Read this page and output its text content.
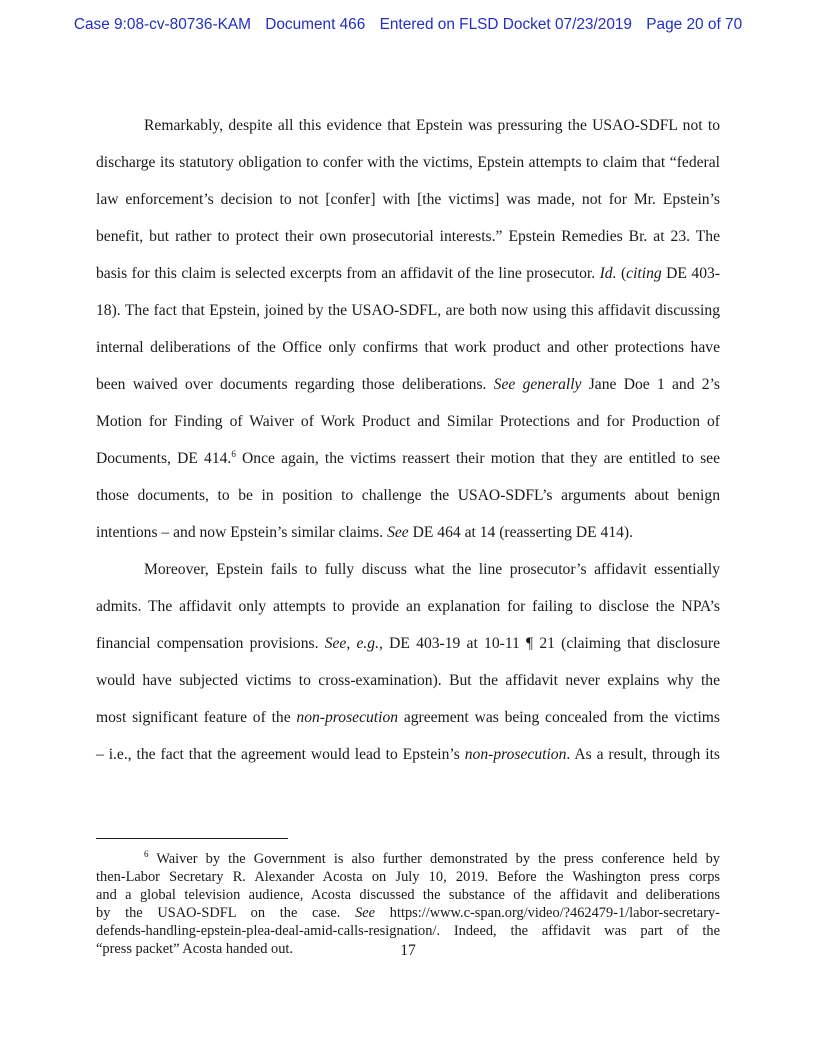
Case 9:08-cv-80736-KAM Document 466 Entered on FLSD Docket 07/23/2019 Page 20 of 70
Remarkably, despite all this evidence that Epstein was pressuring the USAO-SDFL not to
discharge its statutory obligation to confer with the victims, Epstein attempts to claim that “federal
law enforcement’s decision to not [confer] with [the victims] was made, not for Mr. Epstein’s
benefit, but rather to protect their own prosecutorial interests.” Epstein Remedies Br. at 23. The
basis for this claim is selected excerpts from an affidavit of the line prosecutor. Id. (citing DE 403-
18). The fact that Epstein, joined by the USAO-SDFL, are both now using this affidavit discussing
internal deliberations of the Office only confirms that work product and other protections have
been waived over documents regarding those deliberations. See generally Jane Doe 1 and 2’s
Motion for Finding of Waiver of Work Product and Similar Protections and for Production of
Documents, DE 414.$^6$ Once again, the victims reassert their motion that they are entitled to see
those documents, to be in position to challenge the USAO-SDFL’s arguments about benign
intentions – and now Epstein’s similar claims. See DE 464 at 14 (reasserting DE 414).
Moreover, Epstein fails to fully discuss what the line prosecutor’s affidavit essentially
admits. The affidavit only attempts to provide an explanation for failing to disclose the NPA’s
financial compensation provisions. See, e.g., DE 403-19 at 10-11 ¶ 21 (claiming that disclosure
would have subjected victims to cross-examination). But the affidavit never explains why the
most significant feature of the non-prosecution agreement was being concealed from the victims
– i.e., the fact that the agreement would lead to Epstein’s non-prosecution. As a result, through its
$^6$ Waiver by the Government is also further demonstrated by the press conference held by
then-Labor Secretary R. Alexander Acosta on July 10, 2019. Before the Washington press corps
and a global television audience, Acosta discussed the substance of the affidavit and deliberations
by the USAO-SDFL on the case. See https://www.c-span.org/video/?462479-1/labor-secretary-
defends-handling-epstein-plea-deal-amid-calls-resignation/. Indeed, the affidavit was part of the
“press packet” Acosta handed out.	17
